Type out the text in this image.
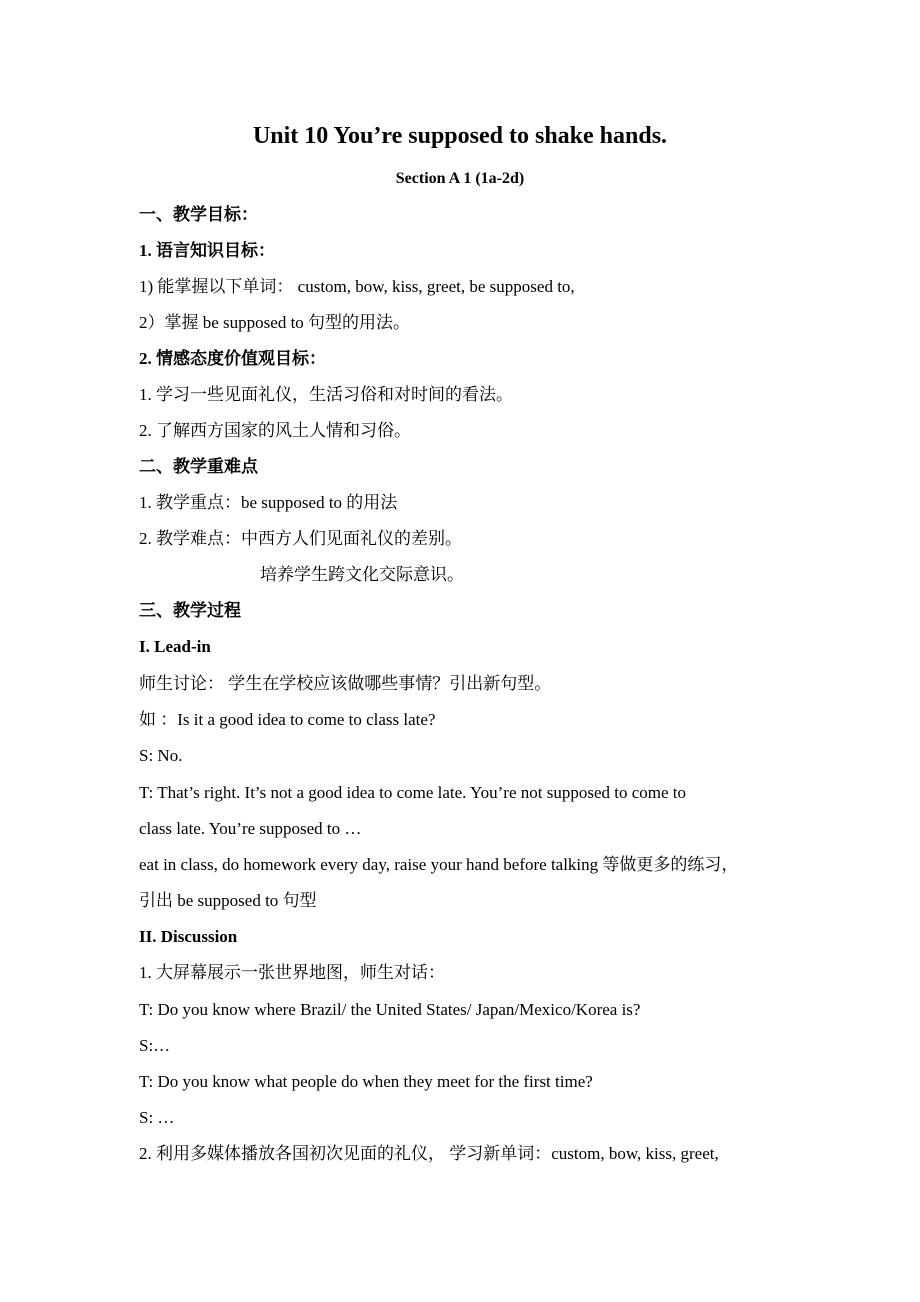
Unit 10 You’re supposed to shake hands.
Section A 1 (1a-2d)
一、教学目标：
1. 语言知识目标：
1) 能掌握以下单词： custom, bow, kiss, greet, be supposed to,
2）掌握 be supposed to 句型的用法。
2. 情感态度价值观目标：
1. 学习一些见面礼仪，生活习俗和对时间的看法。
2. 了解西方国家的风土人情和习俗。
二、教学重难点
1. 教学重点：be supposed to 的用法
2. 教学难点：中西方人们见面礼仪的差别。
培养学生跨文化交际意识。
三、教学过程
I. Lead-in
师生讨论： 学生在学校应该做哪些事情？引出新句型。
如 ：Is it a good idea to come to class late?
S: No.
T: That’s right. It’s not a good idea to come late. You’re not supposed to come to
class late. You’re supposed to …
eat in class, do homework every day, raise your hand before talking 等做更多的练习，
引出 be supposed to 句型
II. Discussion
1. 大屏幕展示一张世界地图，师生对话：
T: Do you know where Brazil/ the United States/ Japan/Mexico/Korea is?
S:…
T: Do you know what people do when they meet for the first time?
S: …
2. 利用多媒体播放各国初次见面的礼仪， 学习新单词：custom, bow, kiss, greet,
